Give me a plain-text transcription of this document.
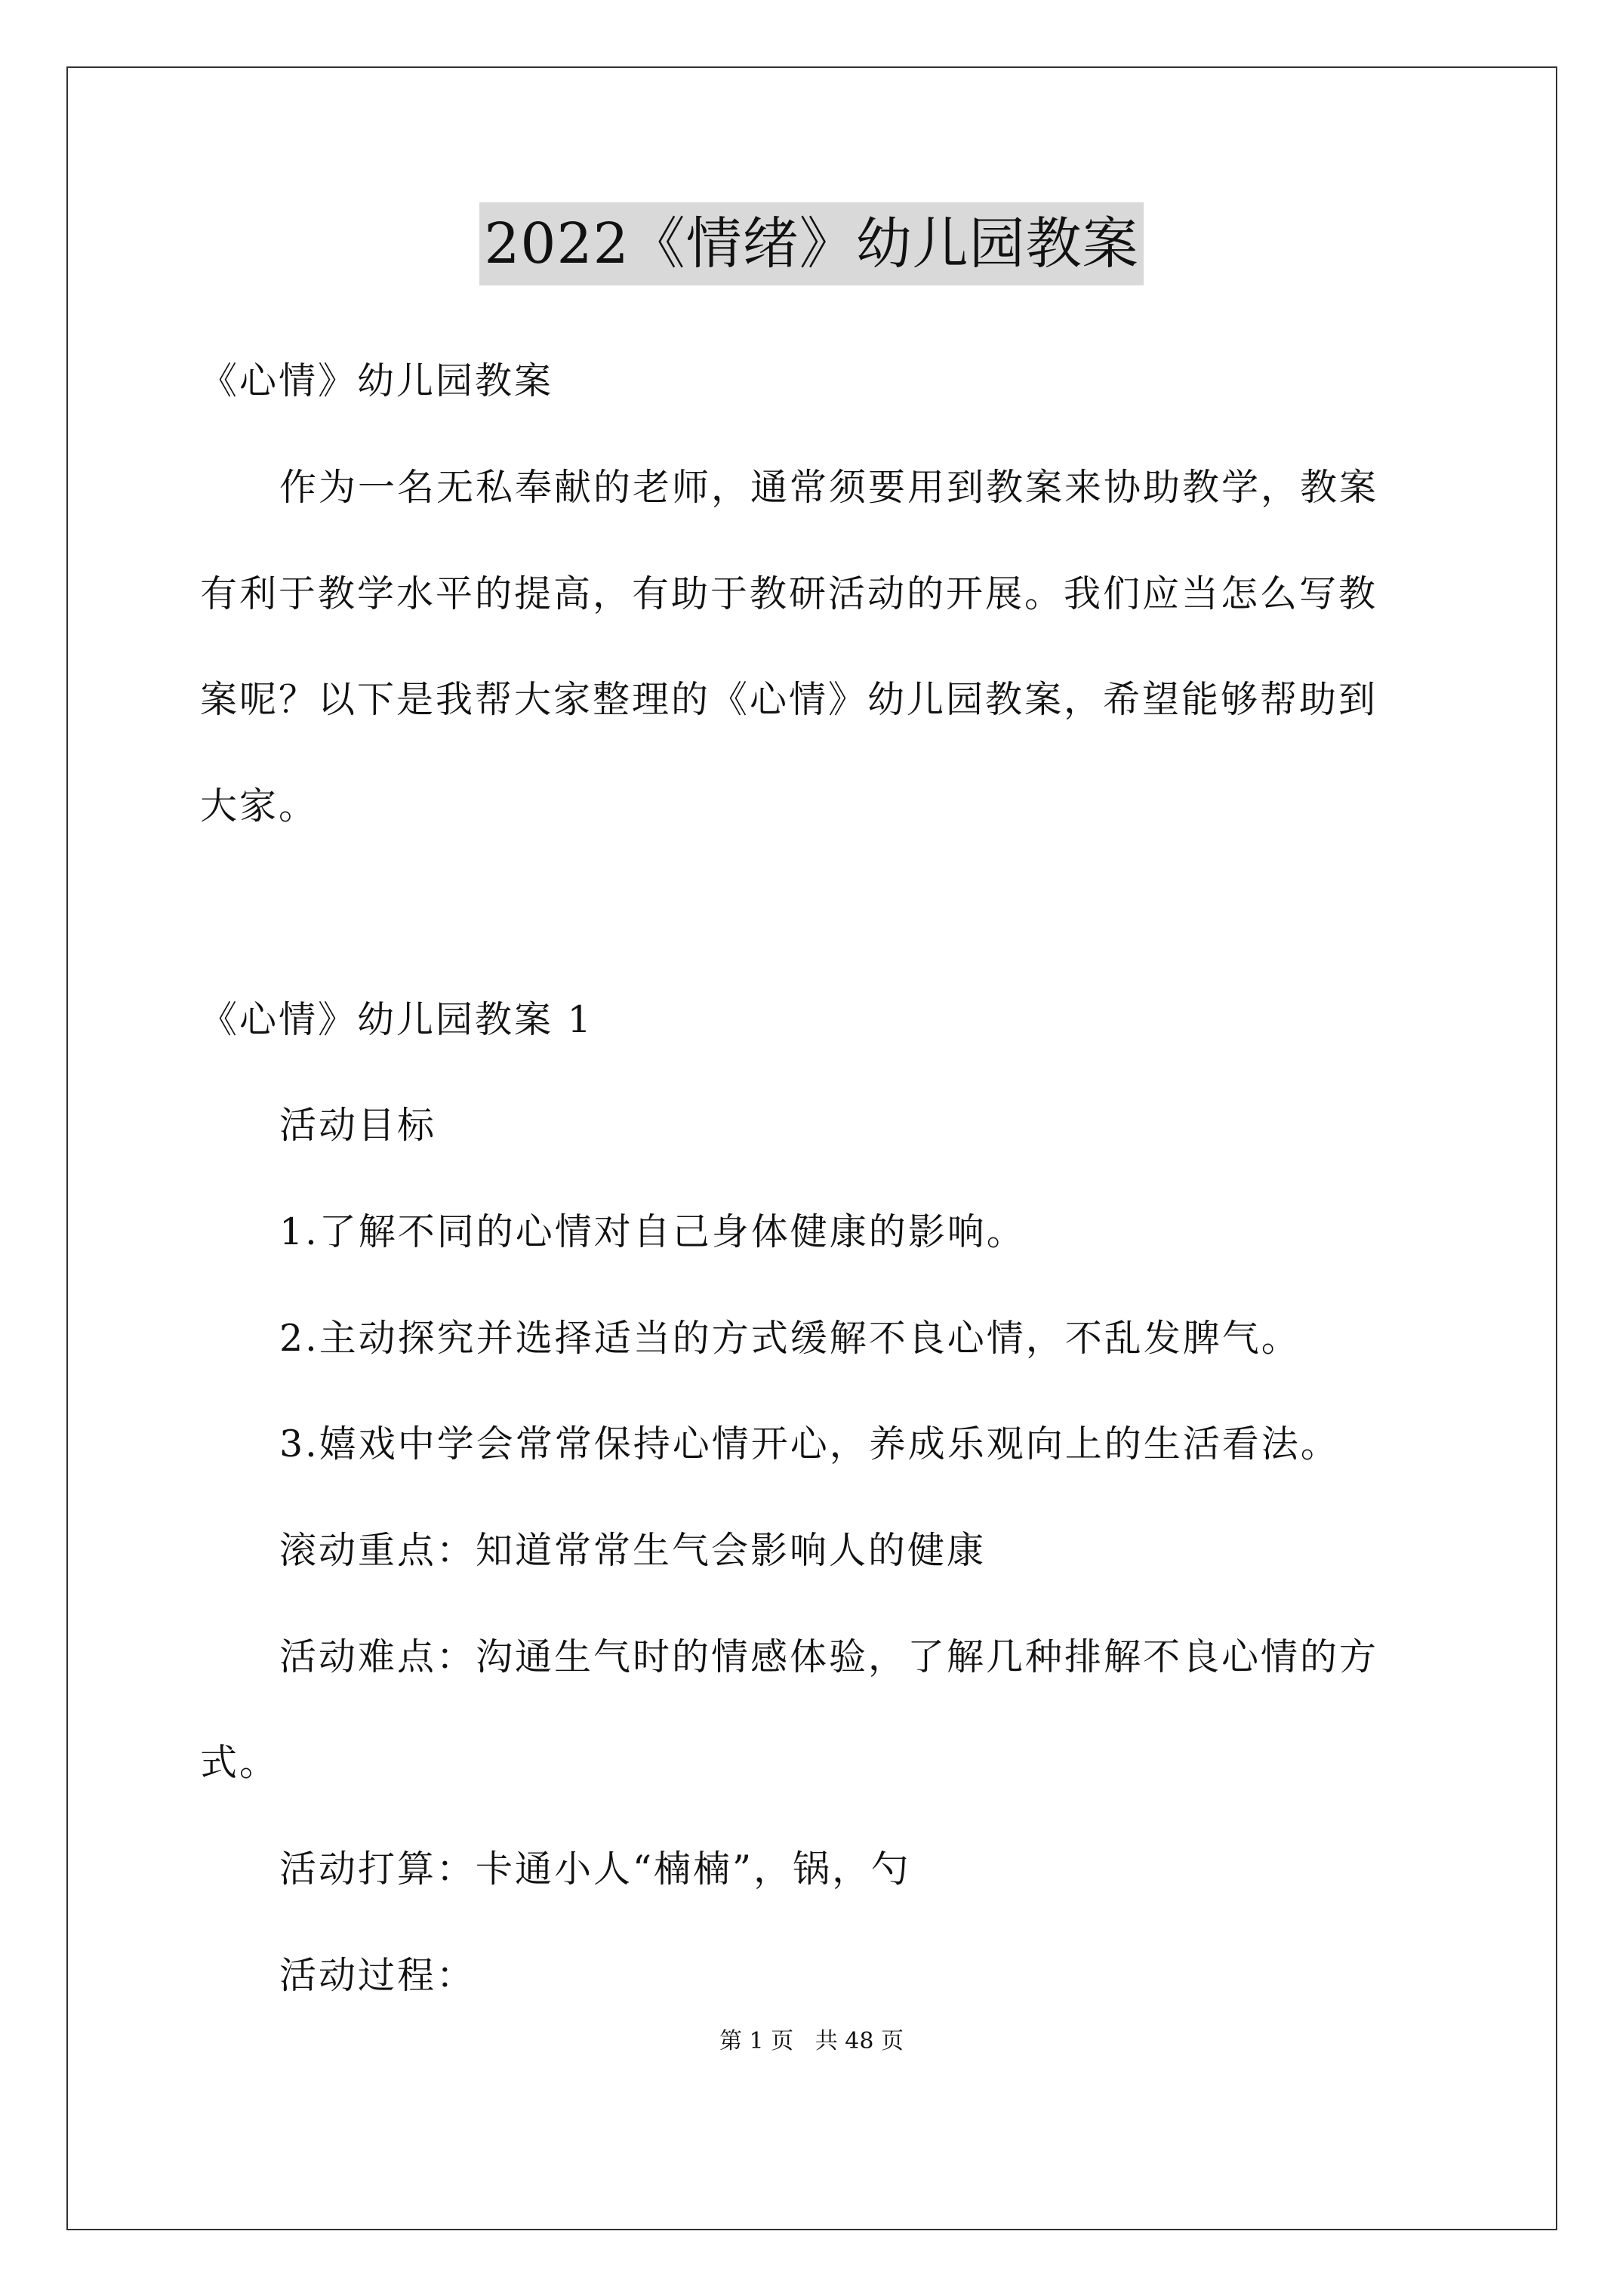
2022《情绪》幼儿园教案
《心情》幼儿园教案
作为一名无私奉献的老师，通常须要用到教案来协助教学，教案
有利于教学水平的提高，有助于教研活动的开展。我们应当怎么写教
案呢？以下是我帮大家整理的《心情》幼儿园教案，希望能够帮助到
大家。
《心情》幼儿园教案 1
活动目标
1.了解不同的心情对自己身体健康的影响。
2.主动探究并选择适当的方式缓解不良心情，不乱发脾气。
3.嬉戏中学会常常保持心情开心，养成乐观向上的生活看法。
滚动重点：知道常常生气会影响人的健康
活动难点：沟通生气时的情感体验，了解几种排解不良心情的方
式。
活动打算：卡通小人“楠楠”，锅，勺
活动过程：
第 1 页   共 48 页
